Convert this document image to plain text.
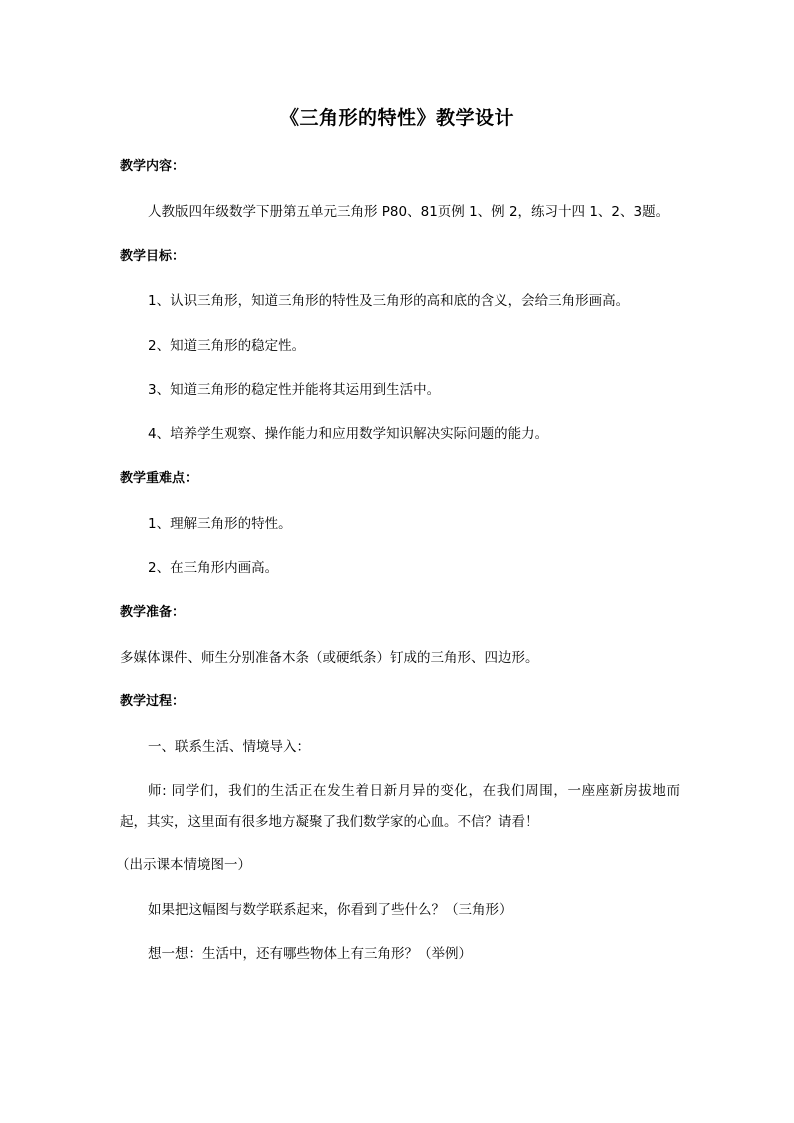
《三角形的特性》教学设计
教学内容：
人教版四年级数学下册第五单元三角形 P80、81页例 1、例 2，练习十四 1、2、3题。
教学目标：
1、认识三角形，知道三角形的特性及三角形的高和底的含义，会给三角形画高。
2、知道三角形的稳定性。
3、知道三角形的稳定性并能将其运用到生活中。
4、培养学生观察、操作能力和应用数学知识解决实际问题的能力。
教学重难点：
1、理解三角形的特性。
2、在三角形内画高。
教学准备：
多媒体课件、师生分别准备木条（或硬纸条）钉成的三角形、四边形。
教学过程：
一、联系生活、情境导入：
师: 同学们，我们的生活正在发生着日新月异的变化，在我们周围，一座座新房拔地而起，其实，这里面有很多地方凝聚了我们数学家的心血。不信？请看！
（出示课本情境图一）
如果把这幅图与数学联系起来，你看到了些什么？（三角形）
想一想：生活中，还有哪些物体上有三角形？（举例）
